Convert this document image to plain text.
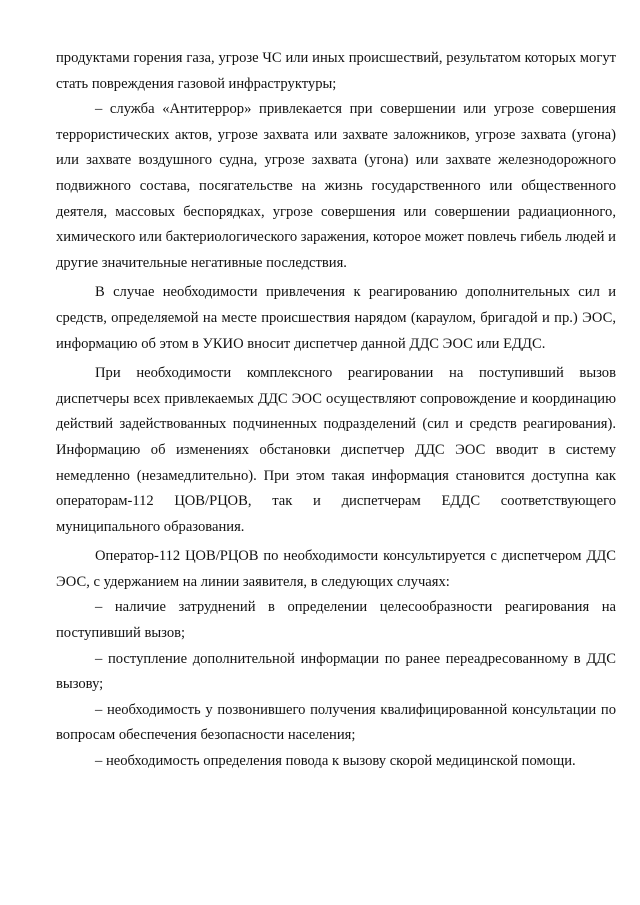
продуктами горения газа, угрозе ЧС или иных происшествий, результатом которых могут стать повреждения газовой инфраструктуры;

– служба «Антитеррор» привлекается при совершении или угрозе совершения террористических актов, угрозе захвата или захвате заложников, угрозе захвата (угона) или захвате воздушного судна, угрозе захвата (угона) или захвате железнодорожного подвижного состава, посягательстве на жизнь государственного или общественного деятеля, массовых беспорядках, угрозе совершения или совершении радиационного, химического или бактериологического заражения, которое может повлечь гибель людей и другие значительные негативные последствия.

В случае необходимости привлечения к реагированию дополнительных сил и средств, определяемой на месте происшествия нарядом (караулом, бригадой и пр.) ЭОС, информацию об этом в УКИО вносит диспетчер данной ДДС ЭОС или ЕДДС.

При необходимости комплексного реагировании на поступивший вызов диспетчеры всех привлекаемых ДДС ЭОС осуществляют сопровождение и координацию действий задействованных подчиненных подразделений (сил и средств реагирования). Информацию об изменениях обстановки диспетчер ДДС ЭОС вводит в систему немедленно (незамедлительно). При этом такая информация становится доступна как операторам-112 ЦОВ/РЦОВ, так и диспетчерам ЕДДС соответствующего муниципального образования.

Оператор-112 ЦОВ/РЦОВ по необходимости консультируется с диспетчером ДДС ЭОС, с удержанием на линии заявителя, в следующих случаях:

– наличие затруднений в определении целесообразности реагирования на поступивший вызов;

– поступление дополнительной информации по ранее переадресованному в ДДС вызову;

– необходимость у позвонившего получения квалифицированной консультации по вопросам обеспечения безопасности населения;

– необходимость определения повода к вызову скорой медицинской помощи.
